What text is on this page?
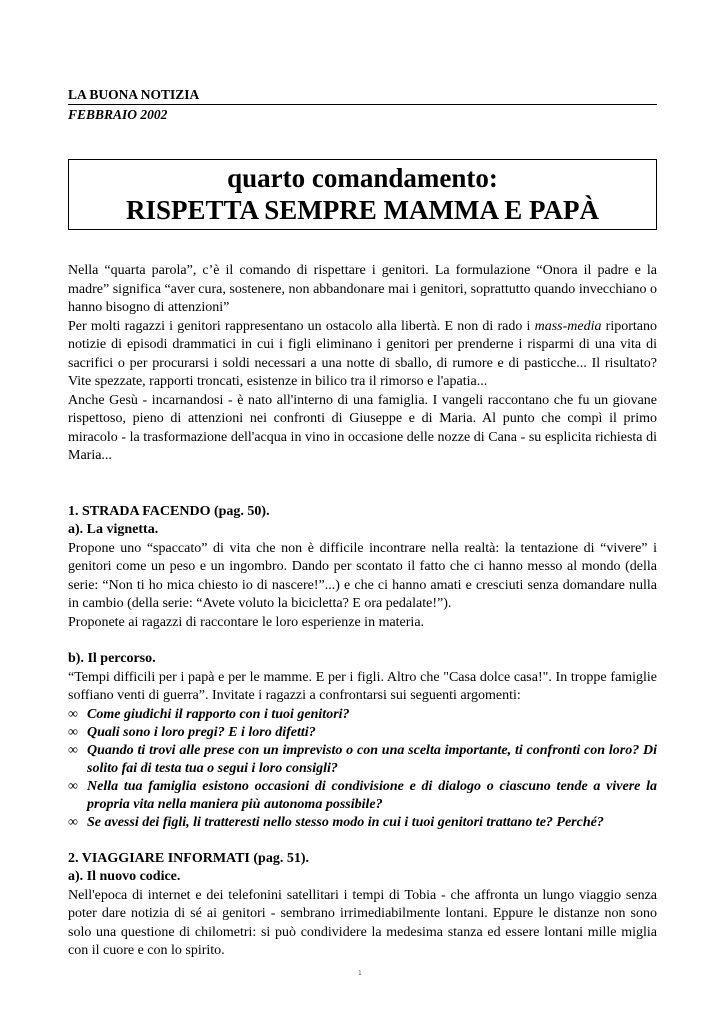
LA BUONA NOTIZIA
FEBBRAIO 2002
quarto comandamento:
RISPETTA SEMPRE MAMMA E PAPÀ

Nella “quarta parola”, c’è il comando di rispettare i genitori. La formulazione “Onora il padre e la madre” significa “aver cura, sostenere, non abbandonare mai i genitori, soprattutto quando invecchiano o hanno bisogno di attenzioni”

Per molti ragazzi i genitori rappresentano un ostacolo alla libertà. E non di rado i mass-media riportano notizie di episodi drammatici in cui i figli eliminano i genitori per prenderne i risparmi di una vita di sacrifici o per procurarsi i soldi necessari a una notte di sballo, di rumore e di pasticche... Il risultato? Vite spezzate, rapporti troncati, esistenze in bilico tra il rimorso e l'apatia...

Anche Gesù - incarnandosi - è nato all'interno di una famiglia. I vangeli raccontano che fu un giovane rispettoso, pieno di attenzioni nei confronti di Giuseppe e di Maria. Al punto che compì il primo miracolo - la trasformazione dell'acqua in vino in occasione delle nozze di Cana - su esplicita richiesta di Maria...

1. STRADA FACENDO (pag. 50).

a). La vignetta.

Propone uno “spaccato” di vita che non è difficile incontrare nella realtà: la tentazione di “vivere” i genitori come un peso e un ingombro. Dando per scontato il fatto che ci hanno messo al mondo (della serie: “Non ti ho mica chiesto io di nascere!”...) e che ci hanno amati e cresciuti senza domandare nulla in cambio (della serie: “Avete voluto la bicicletta? E ora pedalate!”).

Proponete ai ragazzi di raccontare le loro esperienze in materia.

b). Il percorso.

“Tempi difficili per i papà e per le mamme. E per i figli. Altro che "Casa dolce casa!". In troppe famiglie soffiano venti di guerra”. Invitate i ragazzi a confrontarsi sui seguenti argomenti:

∞ Come giudichi il rapporto con i tuoi genitori?
∞ Quali sono i loro pregi? E i loro difetti?
∞ Quando ti trovi alle prese con un imprevisto o con una scelta importante, ti confronti con loro? Di solito fai di testa tua o segui i loro consigli?
∞ Nella tua famiglia esistono occasioni di condivisione e di dialogo o ciascuno tende a vivere la propria vita nella maniera più autonoma possibile?
∞ Se avessi dei figli, li tratteresti nello stesso modo in cui i tuoi genitori trattano te? Perché?

2. VIAGGIARE INFORMATI (pag. 51).

a). Il nuovo codice.

Nell'epoca di internet e dei telefonini satellitari i tempi di Tobia - che affronta un lungo viaggio senza poter dare notizia di sé ai genitori - sembrano irrimediabilmente lontani. Eppure le distanze non sono solo una questione di chilometri: si può condividere la medesima stanza ed essere lontani mille miglia con il cuore e con lo spirito.

1
